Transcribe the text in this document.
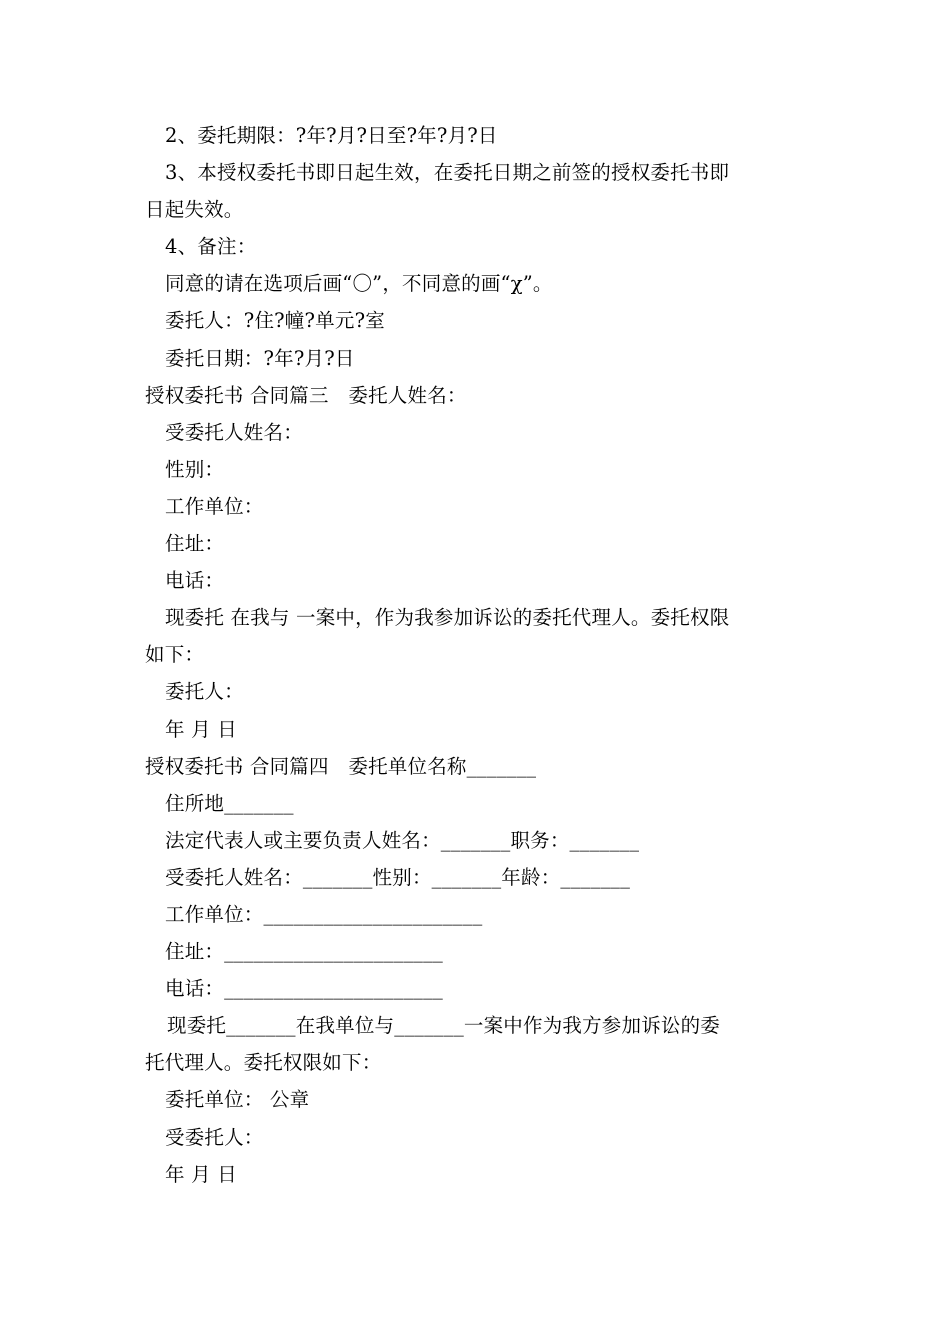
2、委托期限：?年?月?日至?年?月?日
3、本授权委托书即日起生效，在委托日期之前签的授权委托书即
日起失效。
4、备注：
同意的请在选项后画“〇”，不同意的画“χ”。
委托人：?住?幢?单元?室
委托日期：?年?月?日
授权委托书 合同篇三　委托人姓名：
受委托人姓名：
性别：
工作单位：
住址：
电话：
现委托 在我与 一案中，作为我参加诉讼的委托代理人。委托权限
如下：
委托人：
年 月 日
授权委托书 合同篇四　委托单位名称_______
住所地_______
法定代表人或主要负责人姓名：_______职务：_______
受委托人姓名：_______性别：_______年龄：_______
工作单位：______________________
住址：______________________
电话：______________________
现委托_______在我单位与_______一案中作为我方参加诉讼的委
托代理人。委托权限如下：
委托单位： 公章
受委托人：
年 月 日
